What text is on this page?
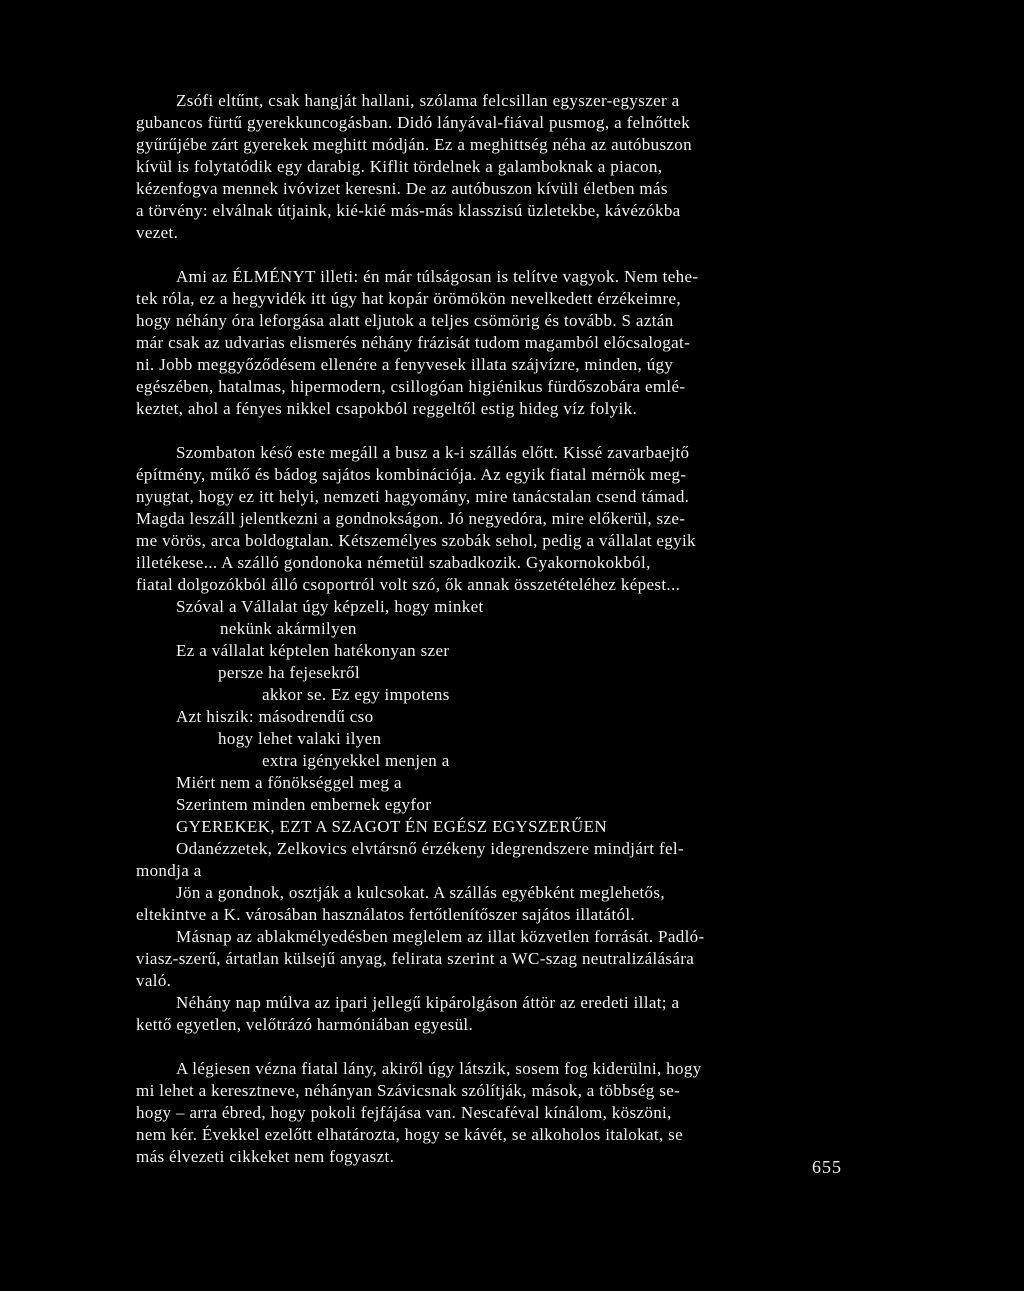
Zsófi eltűnt, csak hangját hallani, szólama felcsillan egyszer-egyszer a
gubancos fürtű gyerekkuncogásban. Didó lányával-fiával pusmog, a felnőttek
gyűrűjébe zárt gyerekek meghitt módján. Ez a meghittség néha az autóbuszon
kívül is folytatódik egy darabig. Kiflit tördelnek a galamboknak a piacon,
kézenfogva mennek ivóvizet keresni. De az autóbuszon kívüli életben más
a törvény: elválnak útjaink, kié-kié más-más klasszisú üzletekbe, kávézókba
vezet.
Ami az ÉLMÉNYT illeti: én már túlságosan is telítve vagyok. Nem tehe-
tek róla, ez a hegyvidék itt úgy hat kopár örömökön nevelkedett érzékeimre,
hogy néhány óra leforgása alatt eljutok a teljes csömörig és tovább. S aztán
már csak az udvarias elismerés néhány frázisát tudom magamból előcsalogat-
ni. Jobb meggyőződésem ellenére a fenyvesek illata szájvízre, minden, úgy
egészében, hatalmas, hipermodern, csillogóan higiénikus fürdőszobára emlé-
keztet, ahol a fényes nikkel csapokból reggeltől estig hideg víz folyik.
Szombaton késő este megáll a busz a k-i szállás előtt. Kissé zavarbaejtő
építmény, műkő és bádog sajátos kombinációja. Az egyik fiatal mérnök meg-
nyugtat, hogy ez itt helyi, nemzeti hagyomány, mire tanácstalan csend támad.
Magda leszáll jelentkezni a gondnokságon. Jó negyedóra, mire előkerül, sze-
me vörös, arca boldogtalan. Kétszemélyes szobák sehol, pedig a vállalat egyik
illetékese... A szálló gondonoka németül szabadkozik. Gyakornokokból,
fiatal dolgozókból álló csoportról volt szó, ők annak összetételéhez képest...
Szóval a Vállalat úgy képzeli, hogy minket
nekünk akármilyen
Ez a vállalat képtelen hatékonyan szer
persze ha fejesekről
akkor se. Ez egy impotens
Azt hiszik: másodrendű cso
hogy lehet valaki ilyen
extra igényekkel menjen a
Miért nem a főnökséggel meg a
Szerintem minden embernek egyfor
GYEREKEK, EZT A SZAGOT ÉN EGÉSZ EGYSZERŰEN
Odanézzetek, Zelkovics elvtársnő érzékeny idegrendszere mindjárt fel-
mondja a
Jön a gondnok, osztják a kulcsokat. A szállás egyébként meglehetős,
eltekintve a K. városában használatos fertőtlenítőszer sajátos illatától.
Másnap az ablakmélyedésben meglelem az illat közvetlen forrását. Padló-
viasz-szerű, ártatlan külsejű anyag, felirata szerint a WC-szag neutralizálására
való.
Néhány nap múlva az ipari jellegű kipárolgáson áttör az eredeti illat; a
kettő egyetlen, velőtrázó harmóniában egyesül.
A légiesen vézna fiatal lány, akiről úgy látszik, sosem fog kiderülni, hogy
mi lehet a keresztneve, néhányan Szávicsnak szólítják, mások, a többség se-
hogy – arra ébred, hogy pokoli fejfájása van. Nescaféval kínálom, köszöni,
nem kér. Évekkel ezelőtt elhatározta, hogy se kávét, se alkoholos italokat, se
más élvezeti cikkeket nem fogyaszt.
655
